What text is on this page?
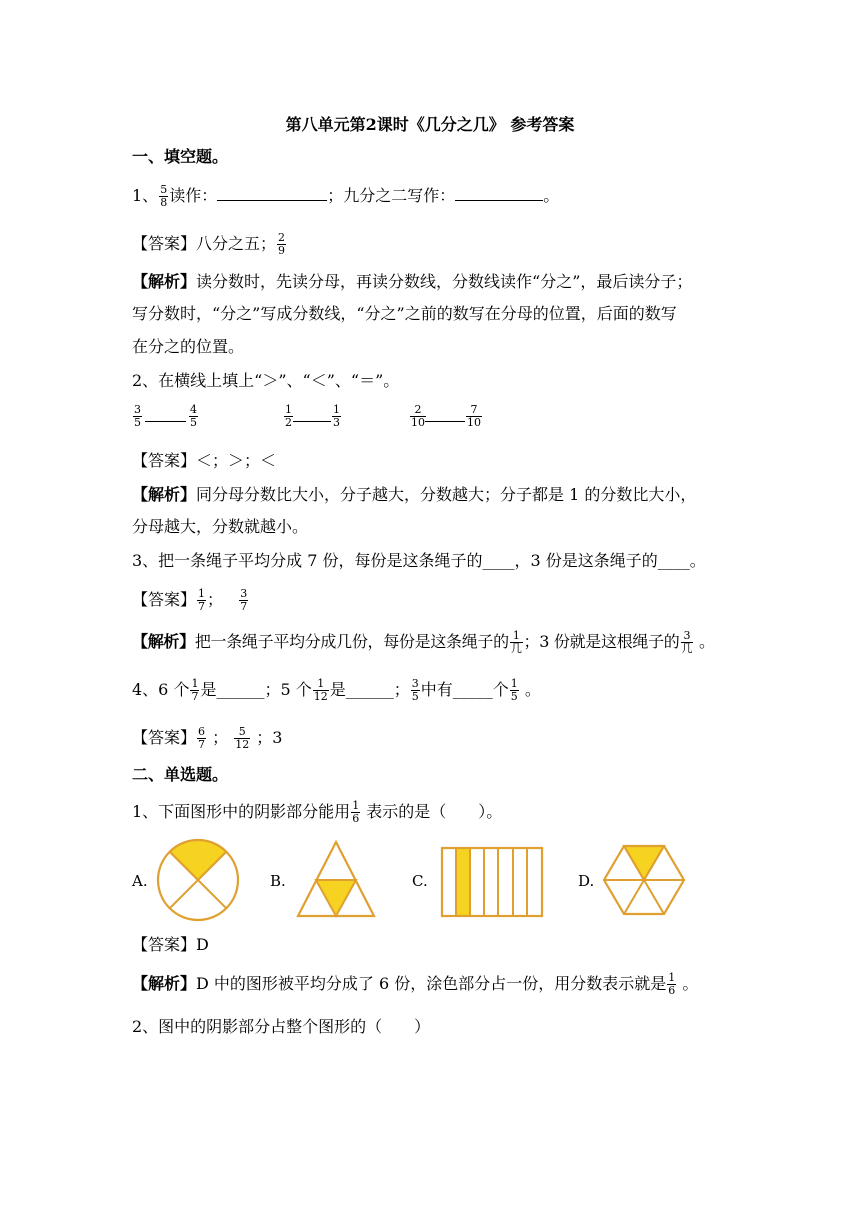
第八单元第2课时《几分之几》 参考答案
一、填空题。
1、 $\frac{5}{8}$ 读作：	；九分之二写作：	。
【答案】八分之五； $\frac{2}{9}$
【解析】读分数时，先读分母，再读分数线，分数线读作“分之”，最后读分子；
写分数时，“分之”写成分数线，“分之”之前的数写在分母的位置，后面的数写
在分之的位置。
2、在横线上填上“＞”、“＜”、“＝”。
$\frac{3}{5}$	$\frac{4}{5}$	$\frac{1}{2}$	$\frac{1}{3}$	$\frac{2}{10}$	$\frac{7}{10}$
【答案】＜；＞；＜
【解析】同分母分数比大小，分子越大，分数越大；分子都是 1 的分数比大小，
分母越大，分数就越小。
3、把一条绳子平均分成 7 份，每份是这条绳子的____，3 份是这条绳子的____。
【答案】 $\frac{1}{7}$ ； $\frac{3}{7}$
【解析】把一条绳子平均分成几份，每份是这条绳子的 $\frac{1}{\text{几}}$ ；3 份就是这根绳子的 $\frac{3}{\text{几}}$ 。
4、6 个 $\frac{1}{7}$ 是______；5 个 $\frac{1}{12}$ 是______； $\frac{3}{5}$ 中有_____个 $\frac{1}{5}$ 。
【答案】 $\frac{6}{7}$ ； $\frac{5}{12}$ ；3
二、单选题。
1、下面图形中的阴影部分能用 $\frac{1}{6}$ 表示的是（　　）。
A.	B.	C.	D.
【答案】D
【解析】D 中的图形被平均分成了 6 份，涂色部分占一份，用分数表示就是 $\frac{1}{6}$ 。
2、图中的阴影部分占整个图形的（　　）
